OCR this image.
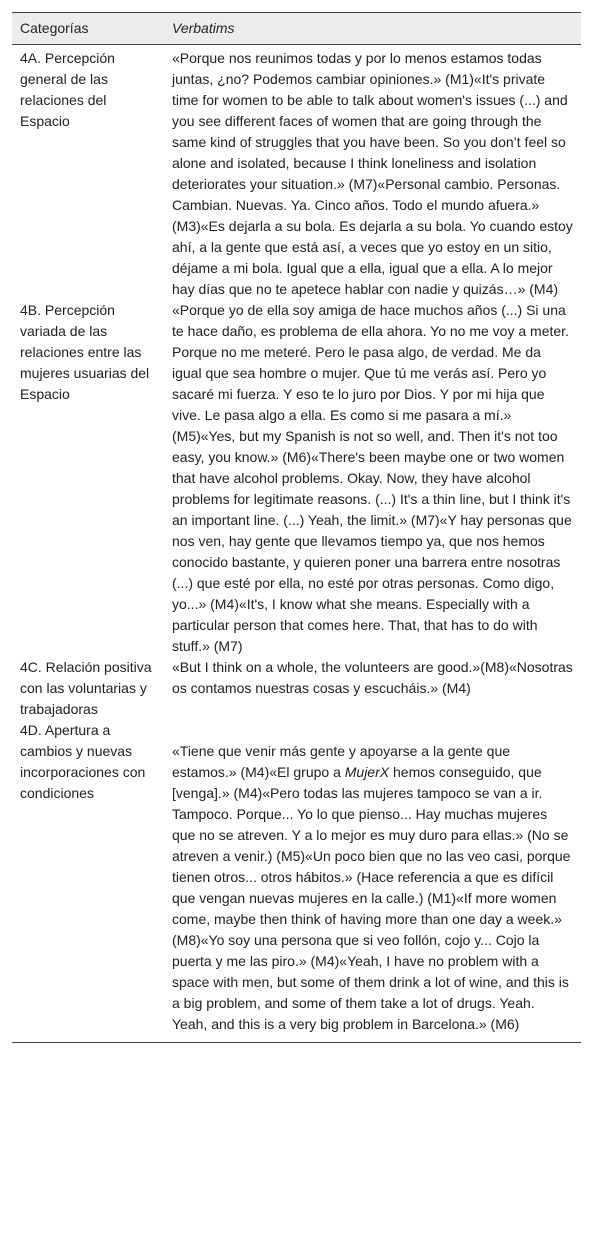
Categorías	Verbatims
4A. Percepción general de las relaciones del Espacio	«Porque nos reunimos todas y por lo menos estamos todas juntas, ¿no? Podemos cambiar opiniones.» (M1)«It's private time for women to be able to talk about women's issues (...) and you see different faces of women that are going through the same kind of struggles that you have been. So you don’t feel so alone and isolated, because I think loneliness and isolation deteriorates your situation.» (M7)«Personal cambio. Personas. Cambian. Nuevas. Ya. Cinco años. Todo el mundo afuera.» (M3)«Es dejarla a su bola. Es dejarla a su bola. Yo cuando estoy ahí, a la gente que está así, a veces que yo estoy en un sitio, déjame a mi bola. Igual que a ella, igual que a ella. A lo mejor hay días que no te apetece hablar con nadie y quizás…» (M4)
4B. Percepción variada de las relaciones entre las mujeres usuarias del Espacio	«Porque yo de ella soy amiga de hace muchos años (...) Si una te hace daño, es problema de ella ahora. Yo no me voy a meter. Porque no me meteré. Pero le pasa algo, de verdad. Me da igual que sea hombre o mujer. Que tú me verás así. Pero yo sacaré mi fuerza. Y eso te lo juro por Dios. Y por mi hija que vive. Le pasa algo a ella. Es como si me pasara a mí.» (M5)«Yes, but my Spanish is not so well, and. Then it's not too easy, you know.» (M6)«There's been maybe one or two women that have alcohol problems. Okay. Now, they have alcohol problems for legitimate reasons. (...) It's a thin line, but I think it's an important line. (...) Yeah, the limit.» (M7)«Y hay personas que nos ven, hay gente que llevamos tiempo ya, que nos hemos conocido bastante, y quieren poner una barrera entre nosotras (...) que esté por ella, no esté por otras personas. Como digo, yo...» (M4)«It's, I know what she means. Especially with a particular person that comes here. That, that has to do with stuff.» (M7)
4C. Relación positiva con las voluntarias y trabajadoras	«But I think on a whole, the volunteers are good.»(M8)«Nosotras os contamos nuestras cosas y escucháis.» (M4)
4D. Apertura a cambios y nuevas incorporaciones con condiciones	«Tiene que venir más gente y apoyarse a la gente que estamos.» (M4)«El grupo a MujerX hemos conseguido, que [venga].» (M4)«Pero todas las mujeres tampoco se van a ir. Tampoco. Porque... Yo lo que pienso... Hay muchas mujeres que no se atreven. Y a lo mejor es muy duro para ellas.» (No se atreven a venir.) (M5)«Un poco bien que no las veo casi, porque tienen otros... otros hábitos.» (Hace referencia a que es difícil que vengan nuevas mujeres en la calle.) (M1)«If more women come, maybe then think of having more than one day a week.» (M8)«Yo soy una persona que si veo follón, cojo y... Cojo la puerta y me las piro.» (M4)«Yeah, I have no problem with a space with men, but some of them drink a lot of wine, and this is a big problem, and some of them take a lot of drugs. Yeah. Yeah, and this is a very big problem in Barcelona.» (M6)
